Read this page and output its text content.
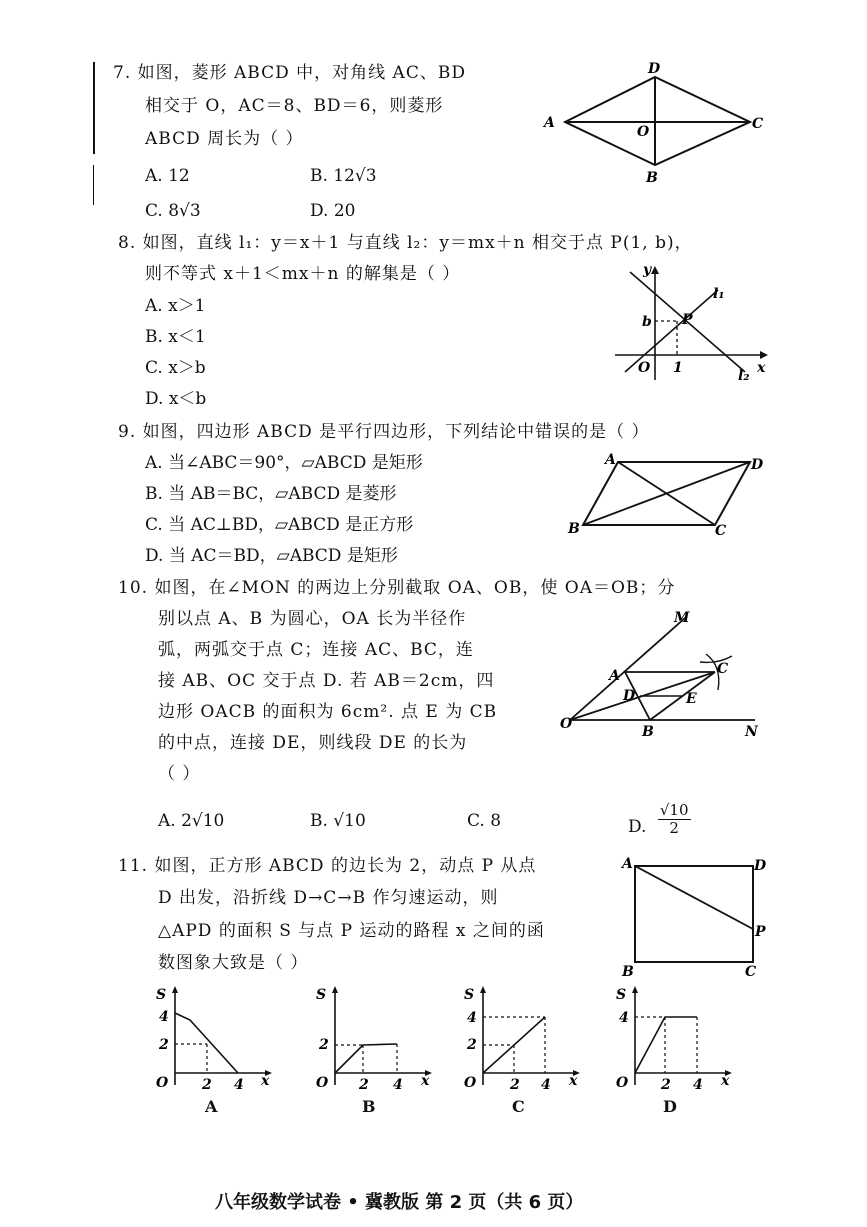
7. 如图，菱形 ABCD 中，对角线 AC、BD
相交于 O，AC＝8、BD＝6，则菱形
ABCD 周长为（ ）
A. 12	B. 12√3
C. 8√3	D. 20
A
D
C
B
O
8. 如图，直线 l₁：y＝x＋1 与直线 l₂：y＝mx＋n 相交于点 P(1, b)，
则不等式 x＋1＜mx＋n 的解集是（ ）
A. x＞1
B. x＜1
C. x＞b
D. x＜b
y
x
b P
O 1
l₁
l₂
9. 如图，四边形 ABCD 是平行四边形，下列结论中错误的是（ ）
A. 当∠ABC＝90°，▱ABCD 是矩形
B. 当 AB＝BC，▱ABCD 是菱形
C. 当 AC⊥BD，▱ABCD 是正方形
D. 当 AC＝BD，▱ABCD 是矩形
A	D
B	C
10. 如图，在∠MON 的两边上分别截取 OA、OB，使 OA＝OB；分
别以点 A、B 为圆心，OA 长为半径作
弧，两弧交于点 C；连接 AC、BC，连
接 AB、OC 交于点 D. 若 AB＝2cm，四
边形 OACB 的面积为 6cm². 点 E 为 CB
的中点，连接 DE，则线段 DE 的长为
（ ）
A. 2√10	B. √10	C. 8	D. $\frac{√10}{2}$
M
A	C
D	E
O	B	N
11. 如图，正方形 ABCD 的边长为 2，动点 P 从点
D 出发，沿折线 D→C→B 作匀速运动，则
△APD 的面积 S 与点 P 运动的路程 x 之间的函
数图象大致是（ ）
A	D
P
B	C
S
4
2
O 2 4 x
A
S
2
O 2 4 x
B
S
4
2
O 2 4 x
C
S
4
O 2 4 x
D
八年级数学试卷 • 冀教版 第 2 页（共 6 页）
